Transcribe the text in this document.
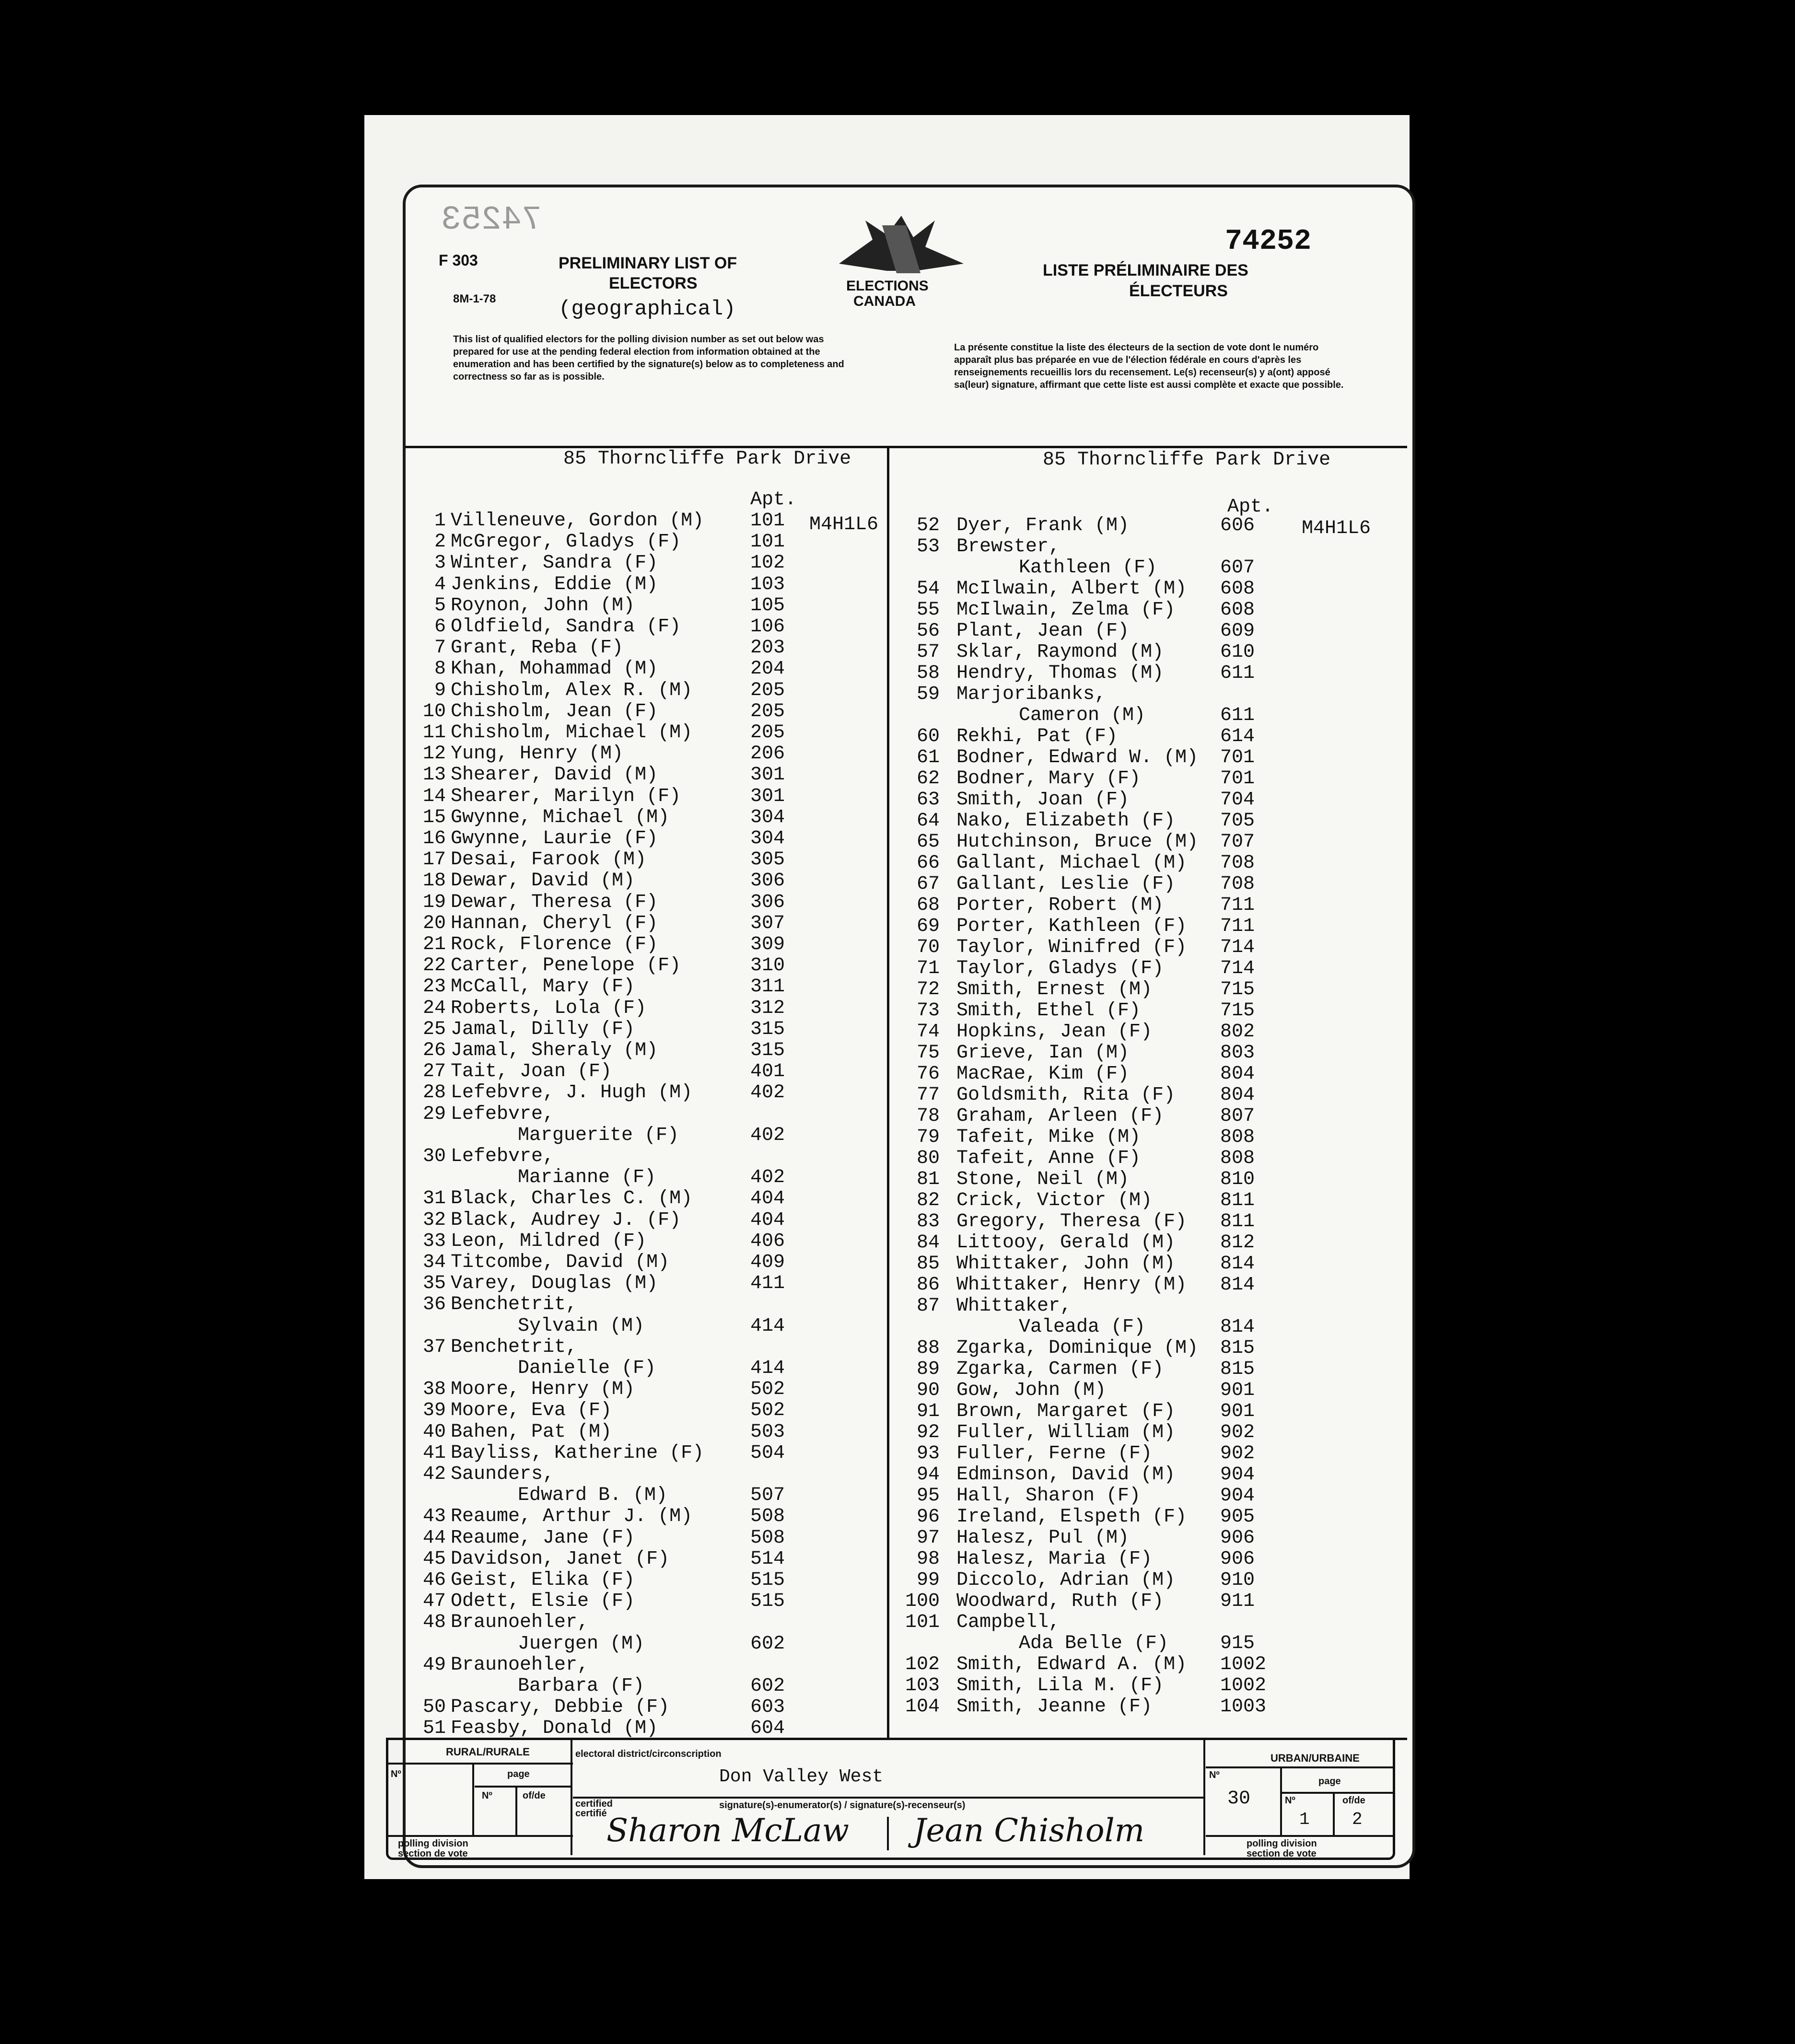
74253
74252
F 303
8M-1-78
PRELIMINARY LIST OF
ELECTORS
(geographical)
ELECTIONS
CANADA
LISTE PRÉLIMINAIRE DES
ÉLECTEURS
This list of qualified electors for the polling division number as set out below was prepared for use at the pending federal election from information obtained at the enumeration and has been certified by the signature(s) below as to completeness and correctness so far as is possible.
La présente constitue la liste des électeurs de la section de vote dont le numéro apparaît plus bas préparée en vue de l'élection fédérale en cours d'après les renseignements recueillis lors du recensement. Le(s) recenseur(s) y a(ont) apposé sa(leur) signature, affirmant que cette liste est aussi complète et exacte que possible.
85 Thorncliffe Park Drive
Apt.
M4H1L6
1 Villeneuve, Gordon (M) 101
2 McGregor, Gladys (F)	101
3 Winter, Sandra (F)	102
4 Jenkins, Eddie (M)	103
5 Roynon, John (M)	105
6 Oldfield, Sandra (F)	106
7 Grant, Reba (F)	203
8 Khan, Mohammad (M)	204
9 Chisholm, Alex R. (M)	205
10 Chisholm, Jean (F)	205
11 Chisholm, Michael (M)	205
12 Yung, Henry (M)	206
13 Shearer, David (M)	301
14 Shearer, Marilyn (F)	301
15 Gwynne, Michael (M)	304
16 Gwynne, Laurie (F)	304
17 Desai, Farook (M)	305
18 Dewar, David (M)	306
19 Dewar, Theresa (F)	306
20 Hannan, Cheryl (F)	307
21 Rock, Florence (F)	309
22 Carter, Penelope (F)	310
23 McCall, Mary (F)	311
24 Roberts, Lola (F)	312
25 Jamal, Dilly (F)	315
26 Jamal, Sheraly (M)	315
27 Tait, Joan (F)	401
28 Lefebvre, J. Hugh (M)	402
29 Lefebvre,
Marguerite (F)	402
30 Lefebvre,
Marianne (F)	402
31 Black, Charles C. (M)	404
32 Black, Audrey J. (F)	404
33 Leon, Mildred (F)	406
34 Titcombe, David (M)	409
35 Varey, Douglas (M)	411
36 Benchetrit,
Sylvain (M)	414
37 Benchetrit,
Danielle (F)	414
38 Moore, Henry (M)	502
39 Moore, Eva (F)	502
40 Bahen, Pat (M)	503
41 Bayliss, Katherine (F) 504
42 Saunders,
Edward B. (M)	507
43 Reaume, Arthur J. (M)	508
44 Reaume, Jane (F)	508
45 Davidson, Janet (F)	514
46 Geist, Elika (F)	515
47 Odett, Elsie (F)	515
48 Braunoehler,
Juergen (M)	602
49 Braunoehler,
Barbara (F)	602
50 Pascary, Debbie (F)	603
51 Feasby, Donald (M)	604
85 Thorncliffe Park Drive
Apt.
M4H1L6
52 Dyer, Frank (M)	606
53 Brewster,
Kathleen (F)	607
54 McIlwain, Albert (M) 608
55 McIlwain, Zelma (F) 608
56 Plant, Jean (F)	609
57 Sklar, Raymond (M)	610
58 Hendry, Thomas (M)	611
59 Marjoribanks,
Cameron (M)	611
60 Rekhi, Pat (F)	614
61 Bodner, Edward W. (M) 701
62 Bodner, Mary (F)	701
63 Smith, Joan (F)	704
64 Nako, Elizabeth (F) 705
65 Hutchinson, Bruce (M) 707
66 Gallant, Michael (M) 708
67 Gallant, Leslie (F) 708
68 Porter, Robert (M)	711
69 Porter, Kathleen (F) 711
70 Taylor, Winifred (F) 714
71 Taylor, Gladys (F)	714
72 Smith, Ernest (M)	715
73 Smith, Ethel (F)	715
74 Hopkins, Jean (F)	802
75 Grieve, Ian (M)	803
76 MacRae, Kim (F)	804
77 Goldsmith, Rita (F) 804
78 Graham, Arleen (F)	807
79 Tafeit, Mike (M)	808
80 Tafeit, Anne (F)	808
81 Stone, Neil (M)	810
82 Crick, Victor (M)	811
83 Gregory, Theresa (F) 811
84 Littooy, Gerald (M) 812
85 Whittaker, John (M) 814
86 Whittaker, Henry (M) 814
87 Whittaker,
Valeada (F)	814
88 Zgarka, Dominique (M) 815
89 Zgarka, Carmen (F)	815
90 Gow, John (M)	901
91 Brown, Margaret (F) 901
92 Fuller, William (M) 902
93 Fuller, Ferne (F)	902
94 Edminson, David (M) 904
95 Hall, Sharon (F)	904
96 Ireland, Elspeth (F) 905
97 Halesz, Pul (M)	906
98 Halesz, Maria (F)	906
99 Diccolo, Adrian (M) 910
100 Woodward, Ruth (F)	911
101 Campbell,
Ada Belle (F)	915
102 Smith, Edward A. (M) 1002
103 Smith, Lila M. (F)	1002
104 Smith, Jeanne (F)	1003
RURAL/RURALE
Nº	page
Nº	of/de
polling division
section de vote
electoral district/circonscription
Don Valley West
certified
certifié
signature(s)-enumerator(s) / signature(s)-recenseur(s)
Sharon McLaw Jean Chisholm
URBAN/URBAINE
Nº
30
page
Nº	of/de
1 2
polling division
section de vote
